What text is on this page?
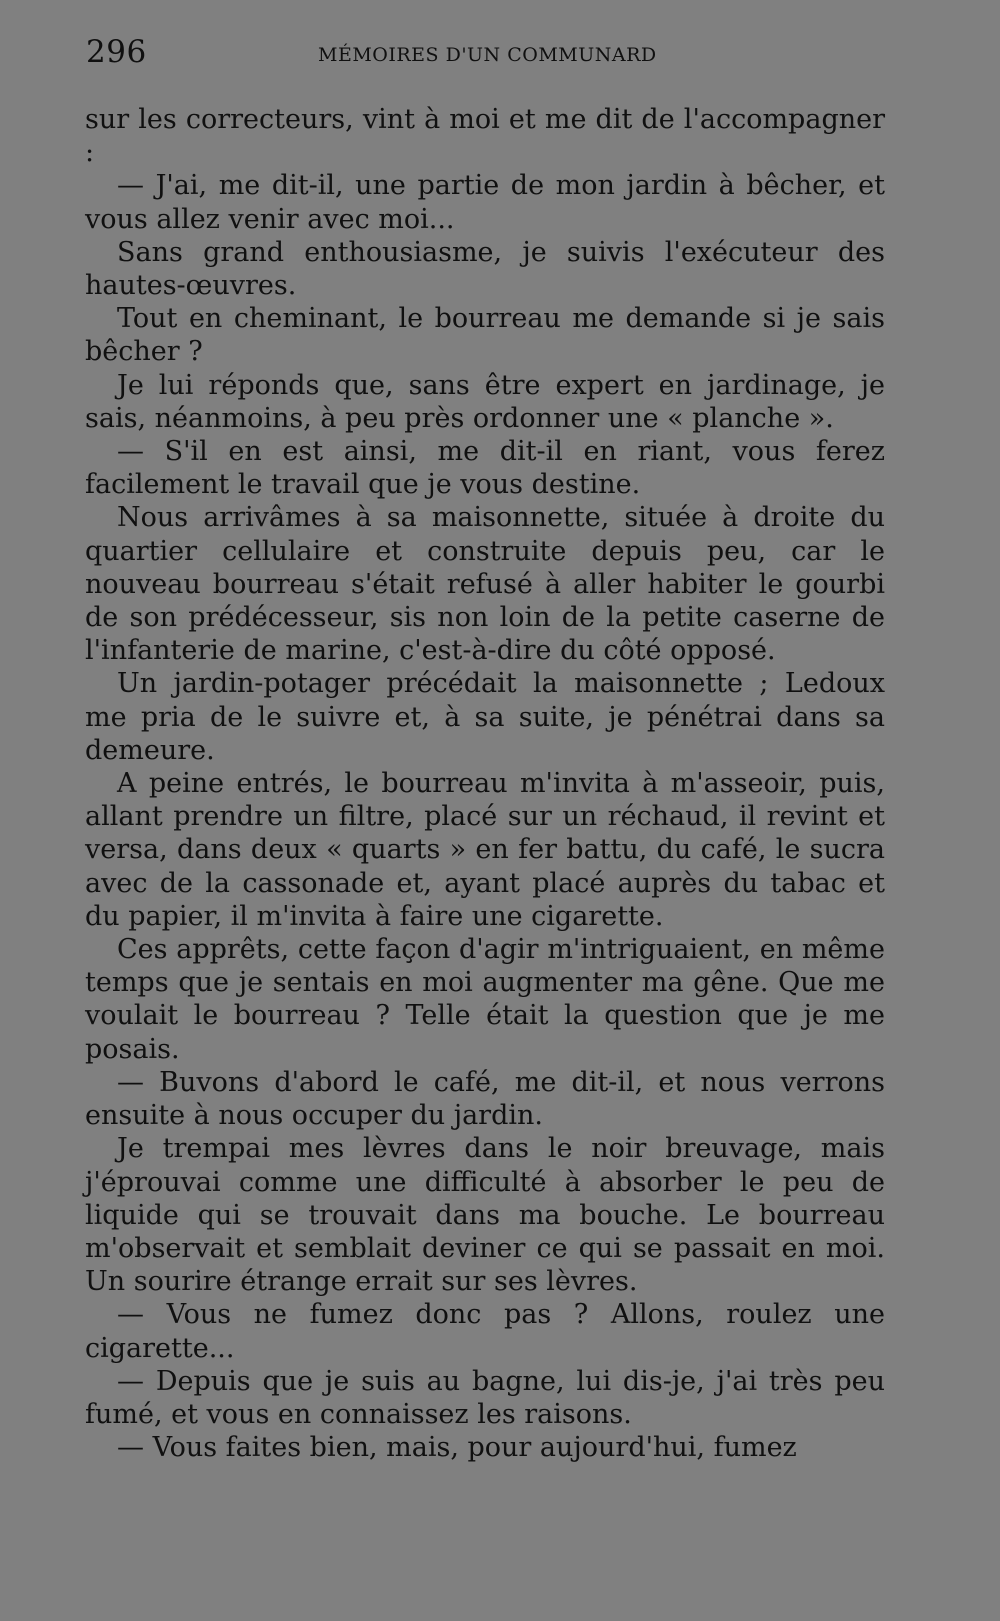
296	MÉMOIRES D'UN COMMUNARD

sur les correcteurs, vint à moi et me dit de l'accompagner :

— J'ai, me dit-il, une partie de mon jardin à bêcher, et vous allez venir avec moi...

Sans grand enthousiasme, je suivis l'exécuteur des hautes-œuvres.

Tout en cheminant, le bourreau me demande si je sais bêcher ?

Je lui réponds que, sans être expert en jardinage, je sais, néanmoins, à peu près ordonner une « planche ».

— S'il en est ainsi, me dit-il en riant, vous ferez facilement le travail que je vous destine.

Nous arrivâmes à sa maisonnette, située à droite du quartier cellulaire et construite depuis peu, car le nouveau bourreau s'était refusé à aller habiter le gourbi de son prédécesseur, sis non loin de la petite caserne de l'infanterie de marine, c'est-à-dire du côté opposé.

Un jardin-potager précédait la maisonnette ; Ledoux me pria de le suivre et, à sa suite, je pénétrai dans sa demeure.

A peine entrés, le bourreau m'invita à m'asseoir, puis, allant prendre un filtre, placé sur un réchaud, il revint et versa, dans deux « quarts » en fer battu, du café, le sucra avec de la cassonade et, ayant placé auprès du tabac et du papier, il m'invita à faire une cigarette.

Ces apprêts, cette façon d'agir m'intriguaient, en même temps que je sentais en moi augmenter ma gêne. Que me voulait le bourreau ? Telle était la question que je me posais.

— Buvons d'abord le café, me dit-il, et nous verrons ensuite à nous occuper du jardin.

Je trempai mes lèvres dans le noir breuvage, mais j'éprouvai comme une difficulté à absorber le peu de liquide qui se trouvait dans ma bouche. Le bourreau m'observait et semblait deviner ce qui se passait en moi. Un sourire étrange errait sur ses lèvres.

— Vous ne fumez donc pas ? Allons, roulez une cigarette...

— Depuis que je suis au bagne, lui dis-je, j'ai très peu fumé, et vous en connaissez les raisons.

— Vous faites bien, mais, pour aujourd'hui, fumez
